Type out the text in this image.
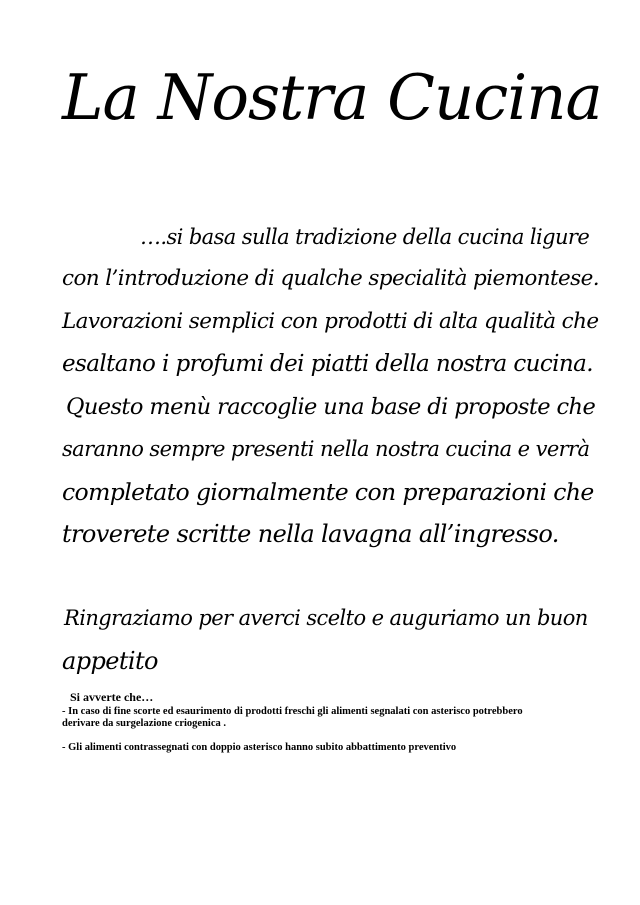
La Nostra Cucina
….si basa sulla tradizione della cucina ligure
con l’introduzione di qualche specialità piemontese.
Lavorazioni semplici con prodotti di alta qualità che
esaltano i profumi dei piatti della nostra cucina.
Questo menù raccoglie una base di proposte che
saranno sempre presenti nella nostra cucina e verrà
completato giornalmente con preparazioni che
troverete scritte nella lavagna all’ingresso.
Ringraziamo per averci scelto e auguriamo un buon
appetito
Si avverte che…
- In caso di fine scorte ed esaurimento di prodotti freschi gli alimenti segnalati con asterisco potrebbero
derivare da surgelazione criogenica .
- Gli alimenti contrassegnati con doppio asterisco hanno subito abbattimento preventivo
